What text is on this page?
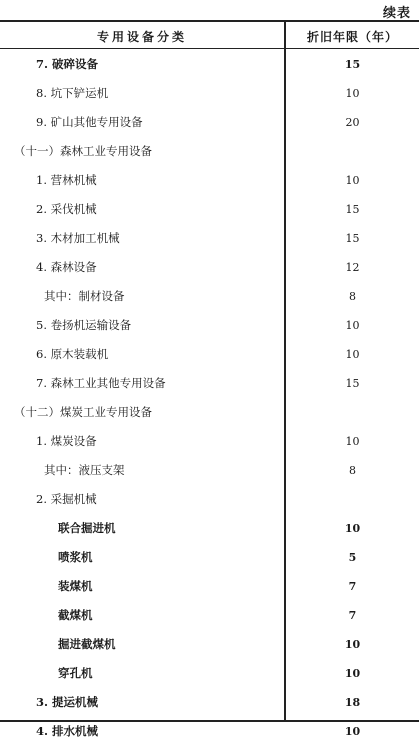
续表
专用设备分类	折旧年限（年）
7. 破碎设备	15
8. 坑下铲运机	10
9. 矿山其他专用设备	20
（十一）森林工业专用设备
1. 营林机械	10
2. 采伐机械	15
3. 木材加工机械	15
4. 森林设备	12
其中：制材设备	8
5. 卷扬机运输设备	10
6. 原木装载机	10
7. 森林工业其他专用设备	15
（十二）煤炭工业专用设备
1. 煤炭设备	10
其中：液压支架	8
2. 采掘机械
联合掘进机	10
喷浆机	5
装煤机	7
截煤机	7
掘进截煤机	10
穿孔机	10
3. 提运机械	18
4. 排水机械	10
